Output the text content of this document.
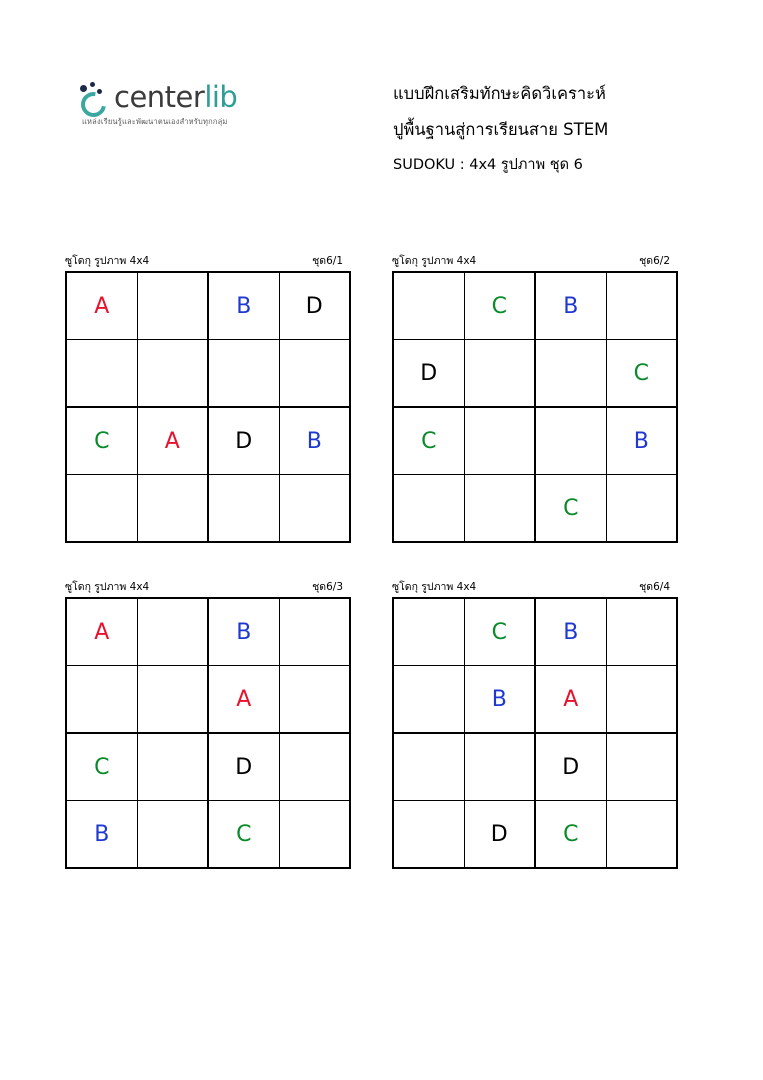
centerlib
แหล่งเรียนรู้และพัฒนาตนเองสำหรับทุกกลุ่ม
แบบฝึกเสริมทักษะคิดวิเคราะห์
ปูพื้นฐานสู่การเรียนสาย STEM
SUDOKU : 4x4 รูปภาพ ชุด 6
ซูโดกุ รูปภาพ 4x4	ชุด6/1
A		B	D

C	A	D	B

ซูโดกุ รูปภาพ 4x4	ชุด6/2
	C	B	
D			C
C			B
		C	
ซูโดกุ รูปภาพ 4x4	ชุด6/3
A		B	
		A	
C		D	
B		C	
ซูโดกุ รูปภาพ 4x4	ชุด6/4
	C	B	
	B	A	
		D	
	D	C	
